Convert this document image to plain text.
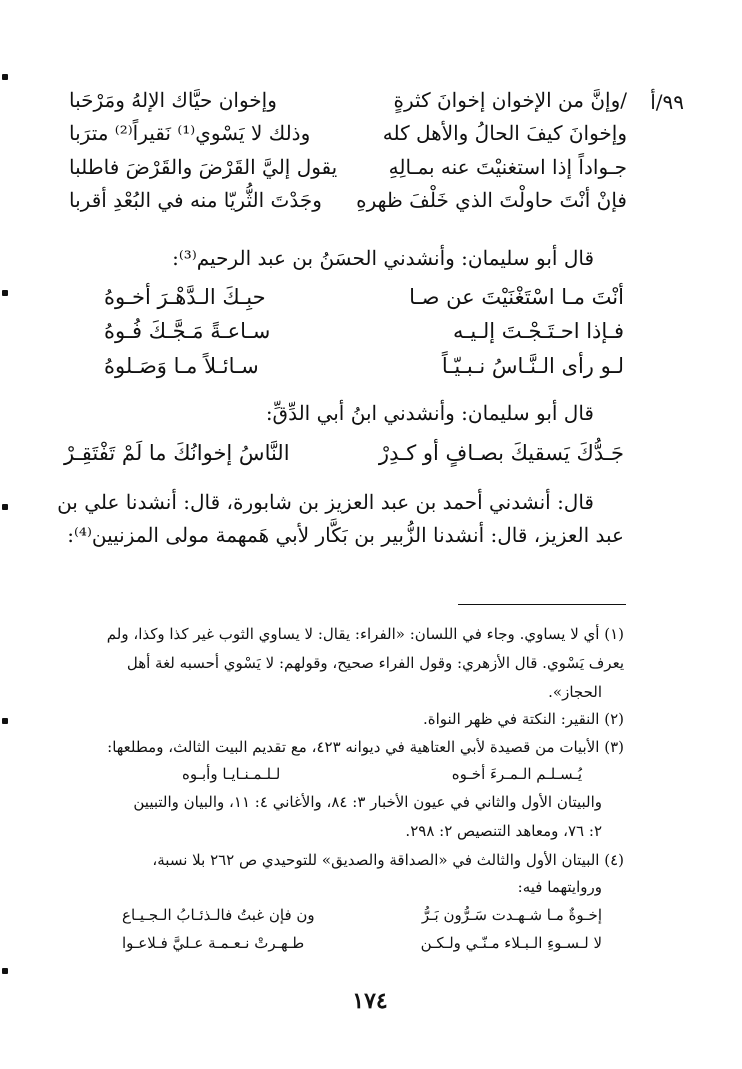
٩٩/أ
/وإنَّ من الإخوان إخوانَ كثرةٍ
وإخوان حيَّاك الإلهُ ومَرْحَبا
وإخوانَ كيفَ الحالُ والأهل كله
وذلك لا يَسْوي⁽¹⁾ نَقيراً⁽²⁾ مترَبا
جـواداً إذا استغنيْتَ عنه بمـالِهِ
يقول إليَّ القَرْضَ والقَرْضَ فاطلبا
فإنْ أنْتَ حاولْتَ الذي خَلْفَ ظهرهِ
وجَدْتَ الثُّريّا منه في البُعْدِ أقربا
قال أبو سليمان: وأنشدني الحسَنُ بن عبد الرحيم⁽³⁾:
أنْتَ مـا اسْتَغْنَيْتَ عن صـا
حبِـكَ الـدَّهْـرَ أخـوهُ
فـإذا احـتَـجْـتَ إلـيـه
سـاعـةً مَـجَّـكَ فُـوهُ
لـو رأى الـنَّـاسُ نـبـيّـاً
سـائـلاً مـا وَصَـلوهُ
قال أبو سليمان: وأنشدني ابنُ أبي الدِّقِّ:
جَـدُّكَ يَسقيكَ بصـافٍ أو كـدِرْ
النَّاسُ إخوانُكَ ما لَمْ تَفْتَقِـرْ
قال: أنشدني أحمد بن عبد العزيز بن شابورة، قال: أنشدنا علي بن
عبد العزيز، قال: أنشدنا الزُّبير بن بَكَّار لأبي هَمهمة مولى المزنيين⁽⁴⁾:
(١) أي لا يساوي. وجاء في اللسان: «الفراء: يقال: لا يساوي الثوب غير كذا وكذا، ولم
يعرف يَسْوي. قال الأزهري: وقول الفراء صحيح، وقولهم: لا يَسْوي أحسبه لغة أهل
الحجاز».
(٢) النقير: النكتة في ظهر النواة.
(٣) الأبيات من قصيدة لأبي العتاهية في ديوانه ٤٢٣، مع تقديم البيت الثالث، ومطلعها:
يُـسـلـم الـمـرءَ أخـوه
لـلـمـنـايـا وأبـوه
والبيتان الأول والثاني في عيون الأخبار ٣: ٨٤، والأغاني ٤: ١١، والبيان والتبيين
٢: ٧٦، ومعاهد التنصيص ٢: ٢٩٨.
(٤) البيتان الأول والثالث في «الصداقة والصديق» للتوحيدي ص ٢٦٢ بلا نسبة،
وروايتهما فيه:
إخـوةٌ مـا شـهـدت سَـرُّون بَـرُّ
ون فإن غبتُ فالـذئـابُ الـجـيـاع
لا لـسـوءِ الـبـلاء مـنّـي ولـكـن
طـهـرتْ نـعـمـة عـليَّ فـلاعـوا
١٧٤
